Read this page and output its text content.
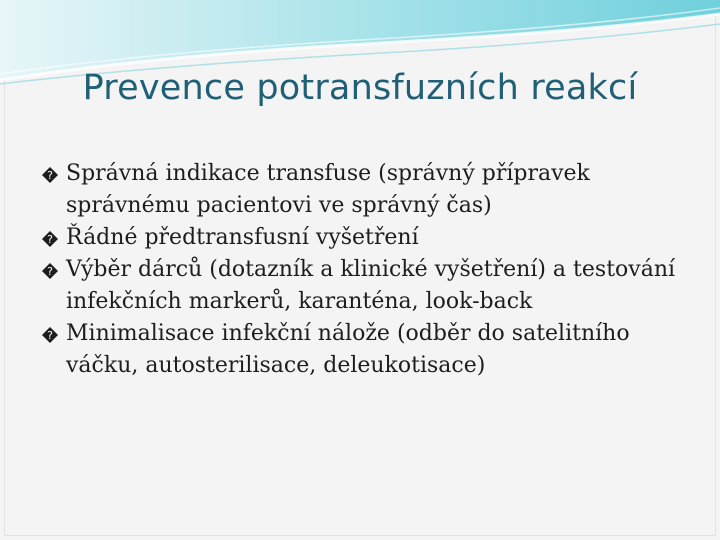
Prevence potransfuzních reakcí
? Správná indikace transfuse (správný přípravek správnému pacientovi ve správný čas)
? Řádné předtransfusní vyšetření
? Výběr dárců (dotazník a klinické vyšetření) a testování infekčních markerů, karanténa, look-back
? Minimalisace infekční nálože (odběr do satelitního váčku, autosterilisace, deleukotisace)
